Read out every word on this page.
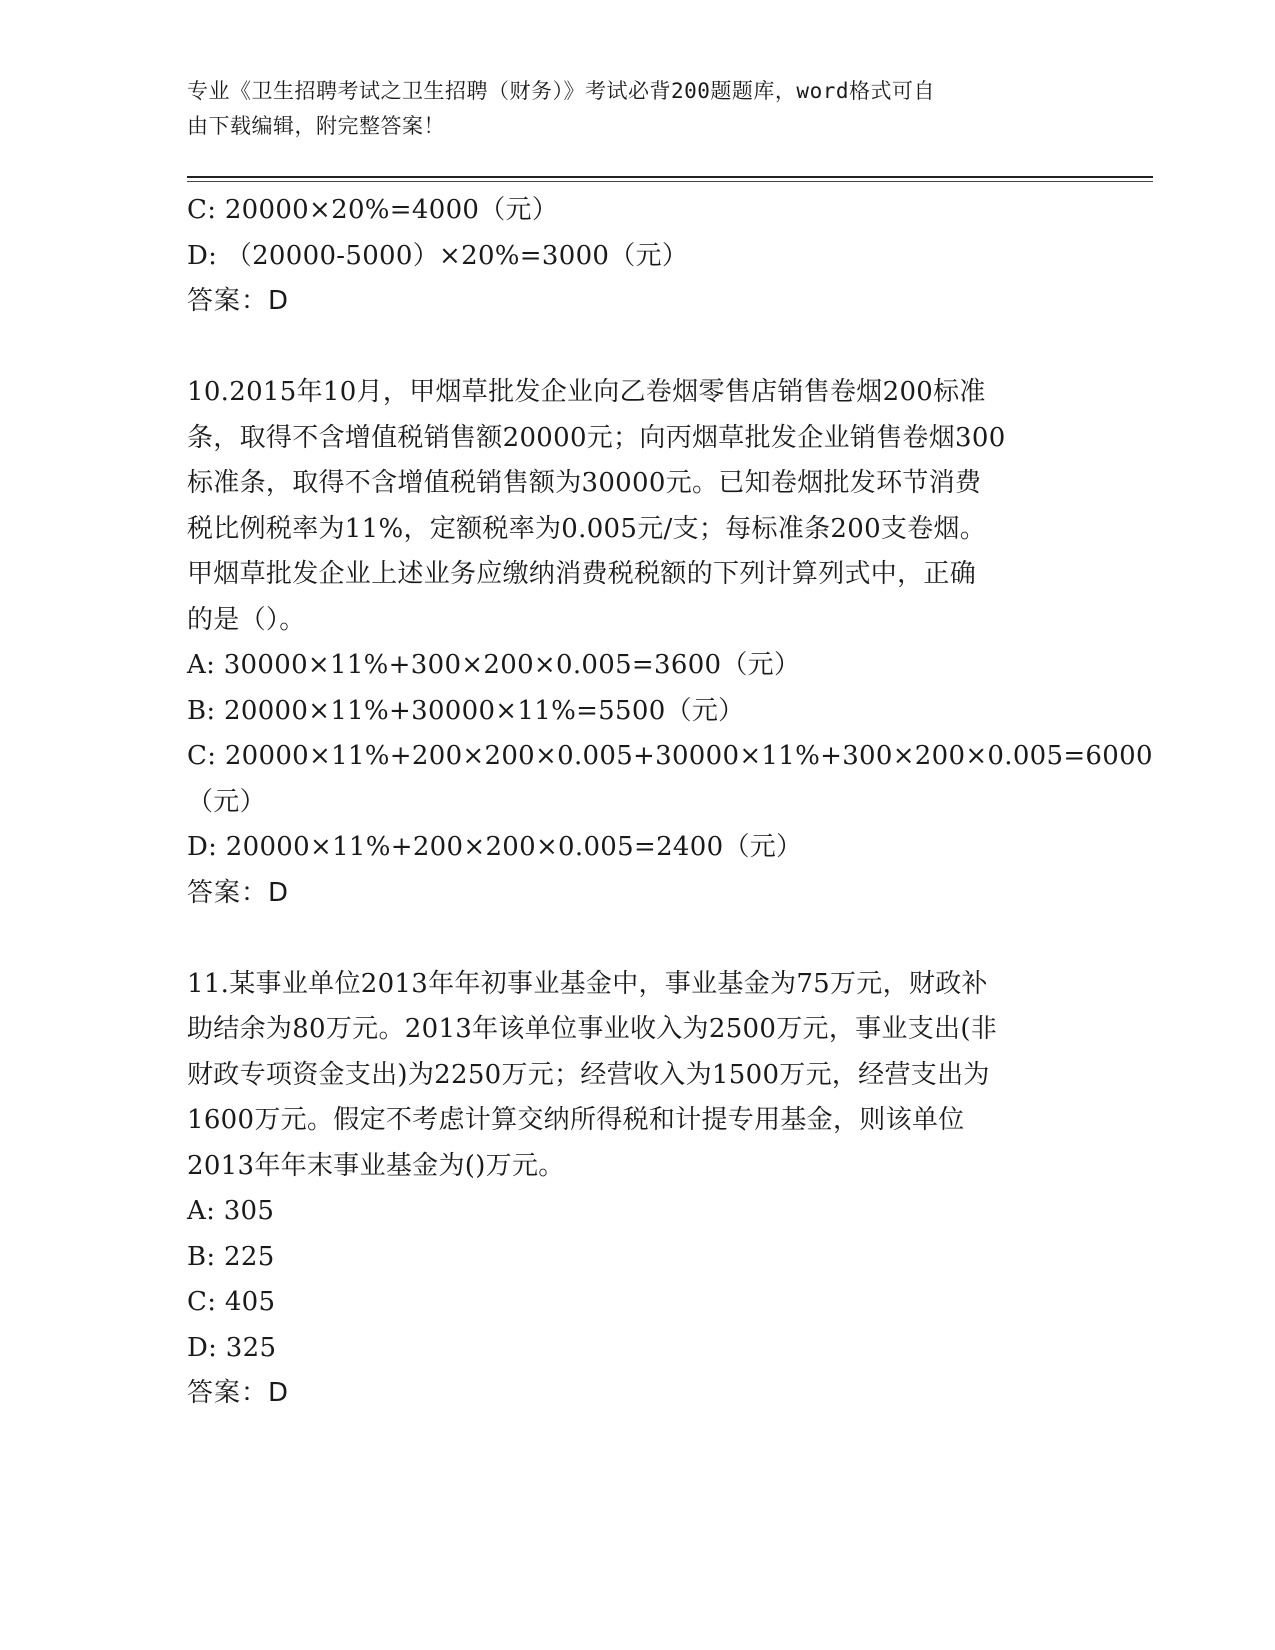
专业《卫生招聘考试之卫生招聘（财务）》考试必背200题题库，word格式可自
由下载编辑，附完整答案！
C: 20000×20%=4000（元）
D: （20000-5000）×20%=3000（元）
答案：D
10.2015年10月，甲烟草批发企业向乙卷烟零售店销售卷烟200标准
条，取得不含增值税销售额20000元；向丙烟草批发企业销售卷烟300
标准条，取得不含增值税销售额为30000元。已知卷烟批发环节消费
税比例税率为11%，定额税率为0.005元/支；每标准条200支卷烟。
甲烟草批发企业上述业务应缴纳消费税税额的下列计算列式中，正确
的是（）。
A: 30000×11%+300×200×0.005=3600（元）
B: 20000×11%+30000×11%=5500（元）
C: 20000×11%+200×200×0.005+30000×11%+300×200×0.005=6000
（元）
D: 20000×11%+200×200×0.005=2400（元）
答案：D
11.某事业单位2013年年初事业基金中，事业基金为75万元，财政补
助结余为80万元。2013年该单位事业收入为2500万元，事业支出(非
财政专项资金支出)为2250万元；经营收入为1500万元，经营支出为
1600万元。假定不考虑计算交纳所得税和计提专用基金，则该单位
2013年年末事业基金为()万元。
A: 305
B: 225
C: 405
D: 325
答案：D
